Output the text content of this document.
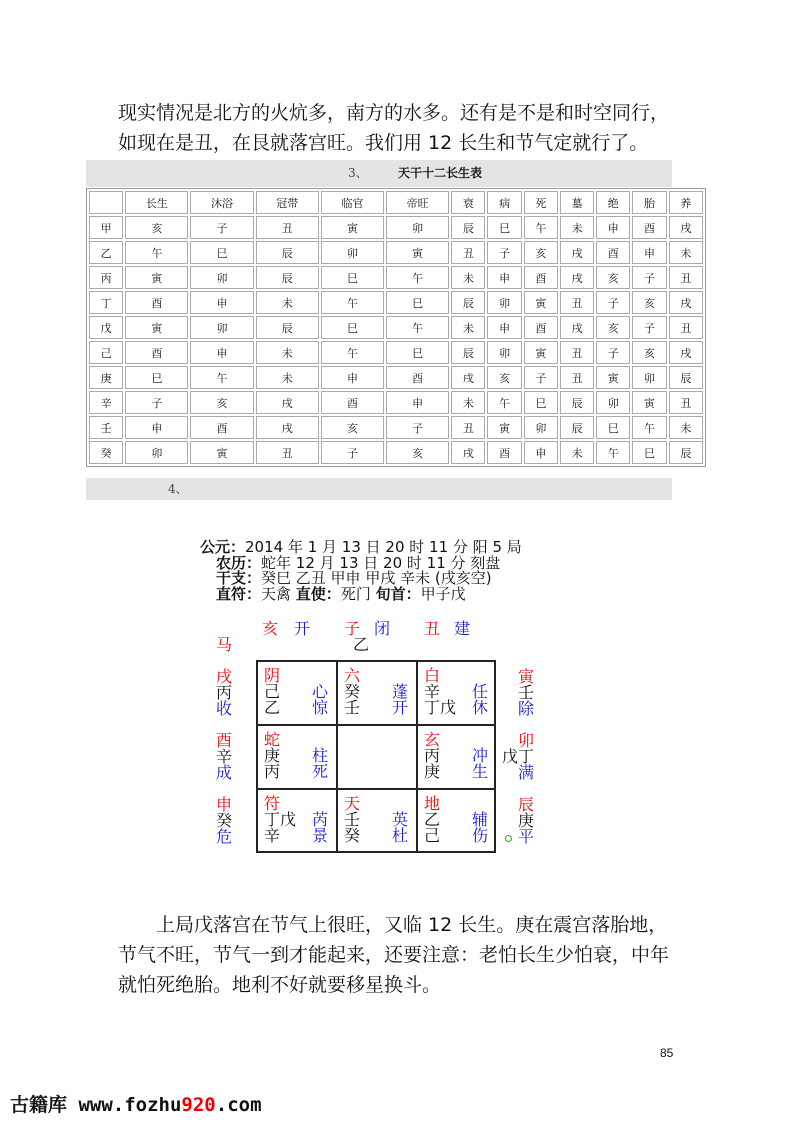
现实情况是北方的火炕多，南方的水多。还有是不是和时空同行，如现在是丑，在艮就落宫旺。我们用 12 长生和节气定就行了。
3、	天干十二长生表
	长生	沐浴	冠带	临官	帝旺	衰	病	死	墓	绝	胎	养
甲	亥	子	丑	寅	卯	辰	巳	午	未	申	酉	戌
乙	午	巳	辰	卯	寅	丑	子	亥	戌	酉	申	未
丙	寅	卯	辰	巳	午	未	申	酉	戌	亥	子	丑
丁	酉	申	未	午	巳	辰	卯	寅	丑	子	亥	戌
戊	寅	卯	辰	巳	午	未	申	酉	戌	亥	子	丑
己	酉	申	未	午	巳	辰	卯	寅	丑	子	亥	戌
庚	巳	午	未	申	酉	戌	亥	子	丑	寅	卯	辰
辛	子	亥	戌	酉	申	未	午	巳	辰	卯	寅	丑
壬	申	酉	戌	亥	子	丑	寅	卯	辰	巳	午	未
癸	卯	寅	丑	子	亥	戌	酉	申	未	午	巳	辰
4、
公元：2014 年 1 月 13 日 20 时 11 分 阳 5 局
农历：蛇年 12 月 13 日 20 时 11 分 刻盘
干支：癸巳 乙丑 甲申 甲戌 辛未 (戌亥空)
直符：天禽 直使：死门 旬首：甲子戊
马
亥 开 子 闭 丑 建
乙
戌
丙
收
酉
辛
成
申
癸
危
寅
壬
除
卯
戊丁
满
辰
庚
平
阴
己
乙
心
惊
六
癸
壬
蓬
开
白
辛
丁戊
任
休
蛇
庚
丙
柱
死
玄
丙
庚
冲
生
符
丁戊
辛
芮
景
天
壬
癸
英
杜
地
乙
己
辅
伤
上局戊落宫在节气上很旺，又临 12 长生。庚在震宫落胎地，节气不旺，节气一到才能起来，还要注意：老怕长生少怕衰，中年就怕死绝胎。地利不好就要移星换斗。
85
古籍库 www.fozhu920.com
